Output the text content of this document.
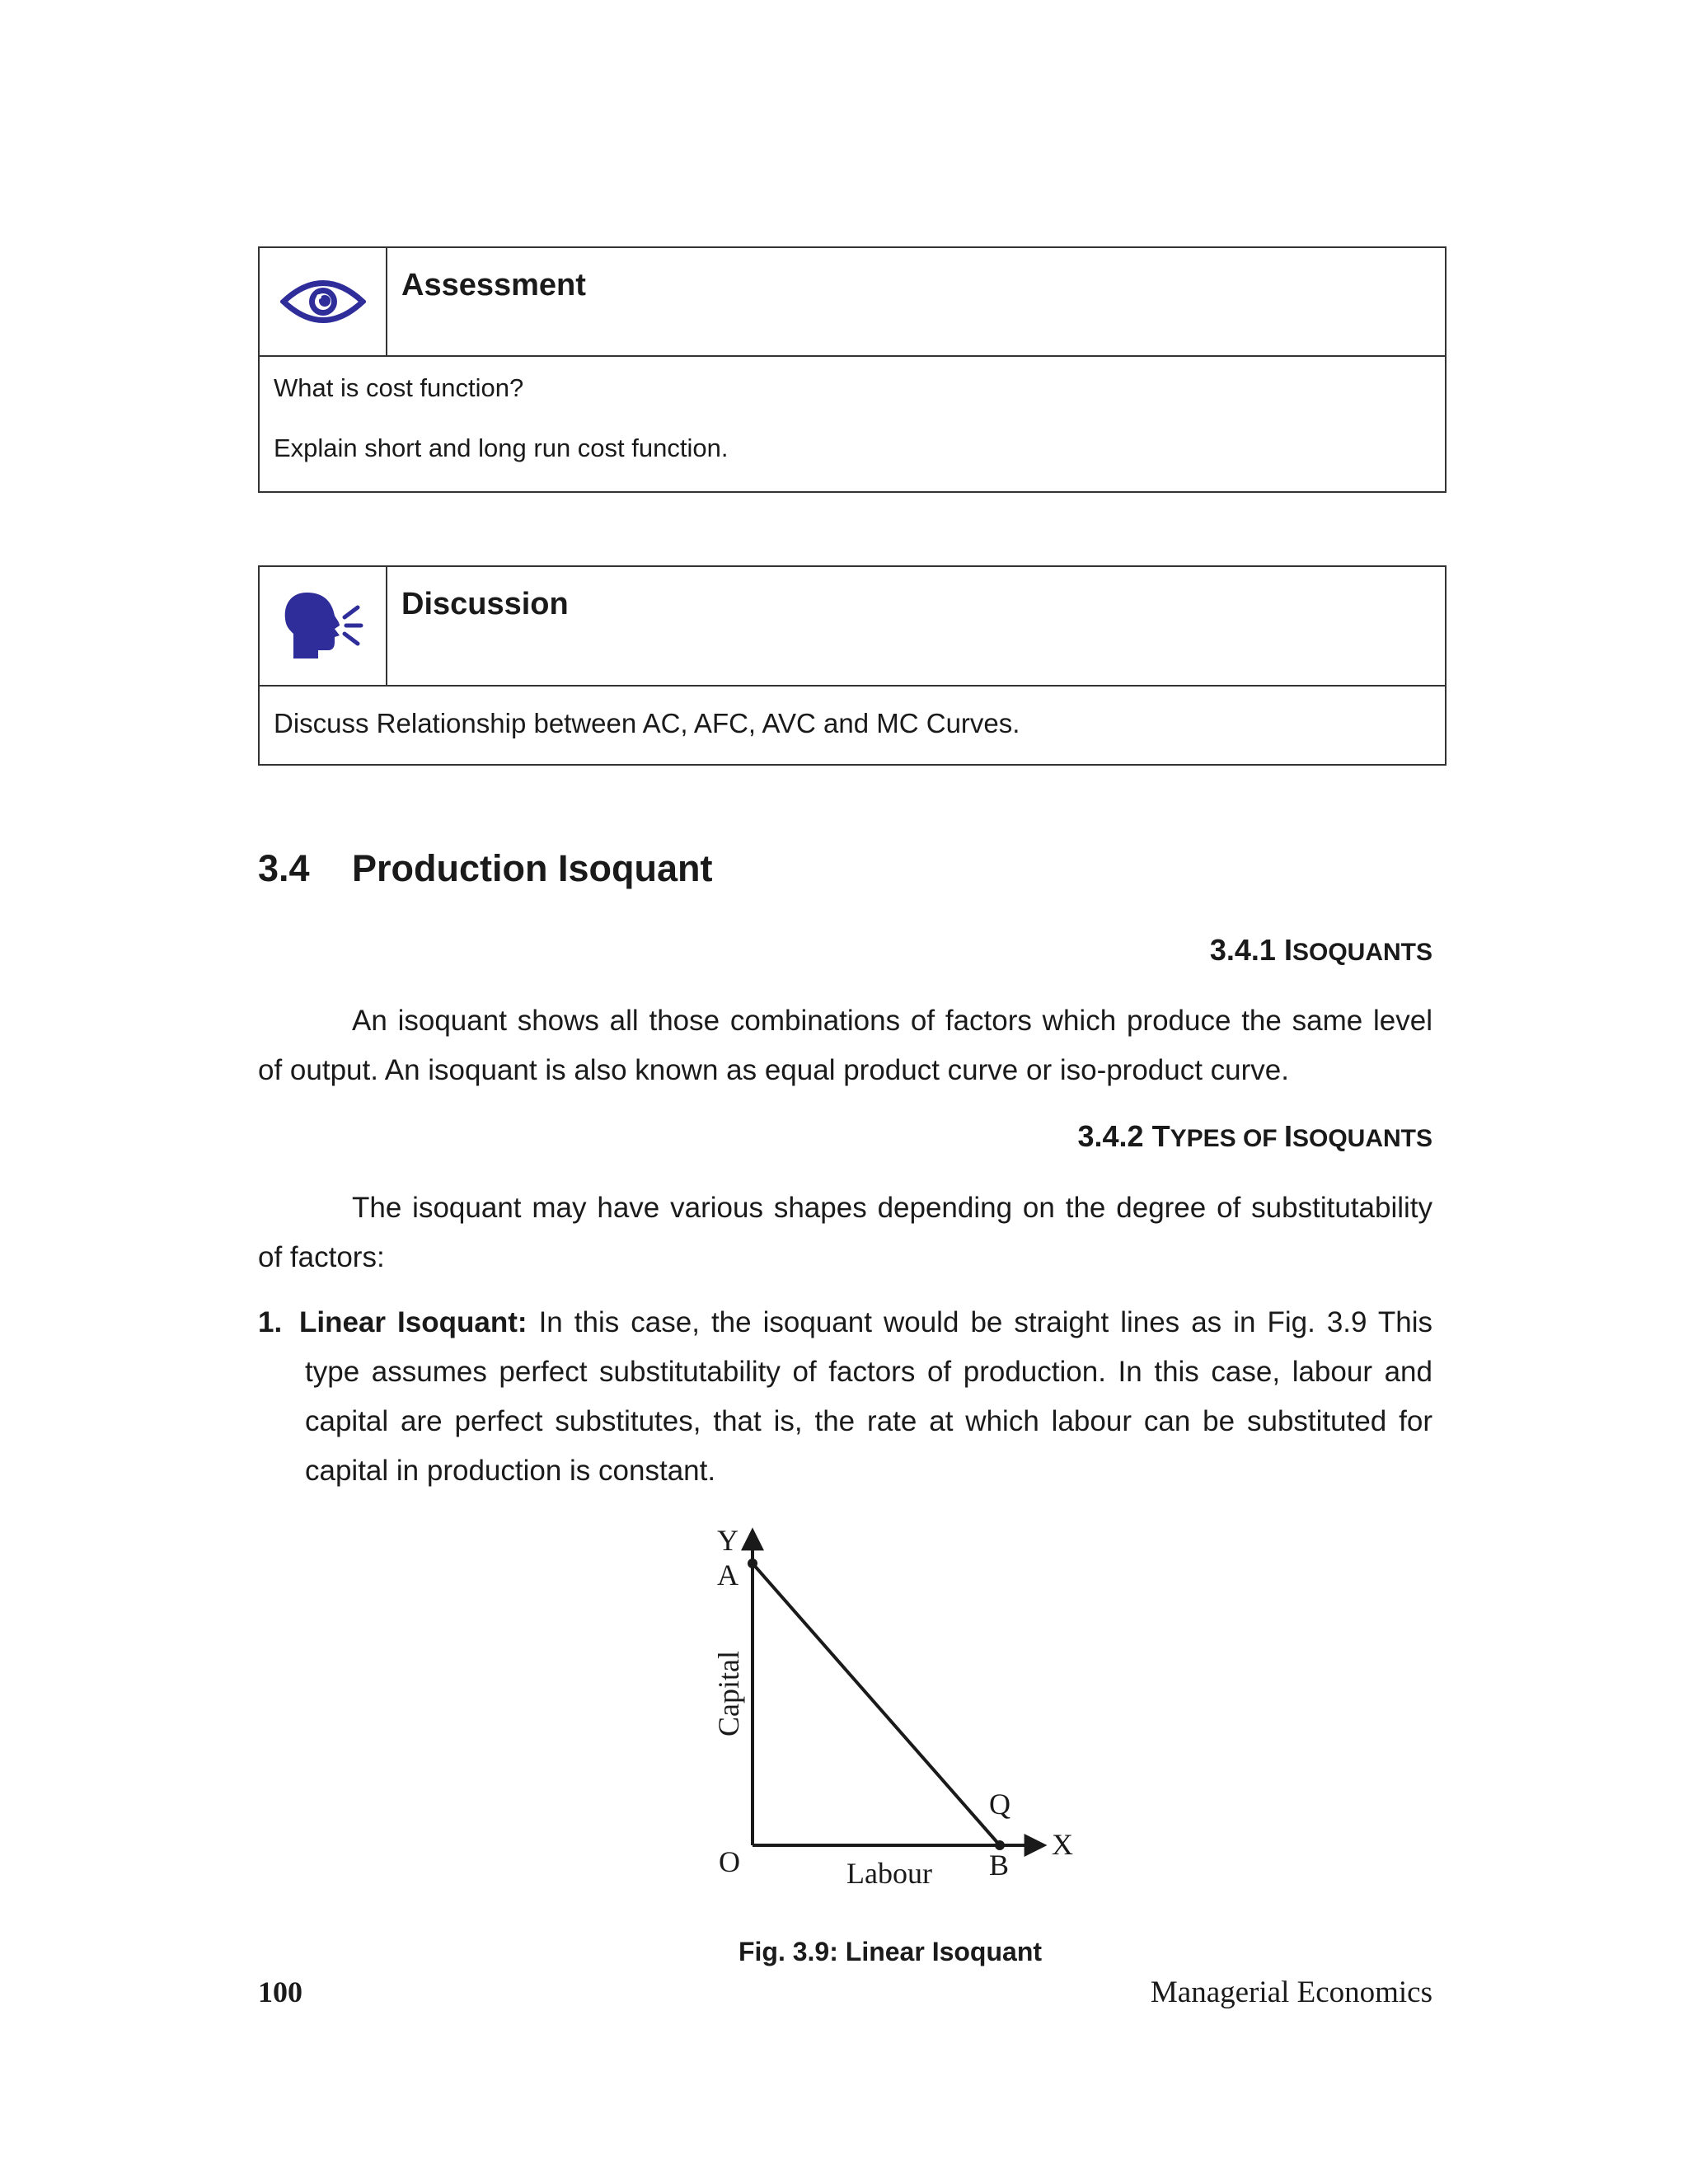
Assessment

What is cost function?

Explain short and long run cost function.

Discussion

Discuss Relationship between AC, AFC, AVC and MC Curves.

3.4 Production Isoquant
3.4.1 ISOQUANTS

An isoquant shows all those combinations of factors which produce the same level of output. An isoquant is also known as equal product curve or iso-product curve.

3.4.2 TYPES OF ISOQUANTS

The isoquant may have various shapes depending on the degree of substitutability of factors:

1. Linear Isoquant: In this case, the isoquant would be straight lines as in Fig. 3.9 This type assumes perfect substitutability of factors of production. In this case, labour and capital are perfect substitutes, that is, the rate at which labour can be substituted for capital in production is constant.

Y
A
Q
X
O	B
Labour
Capital

Fig. 3.9: Linear Isoquant

100	Managerial Economics
